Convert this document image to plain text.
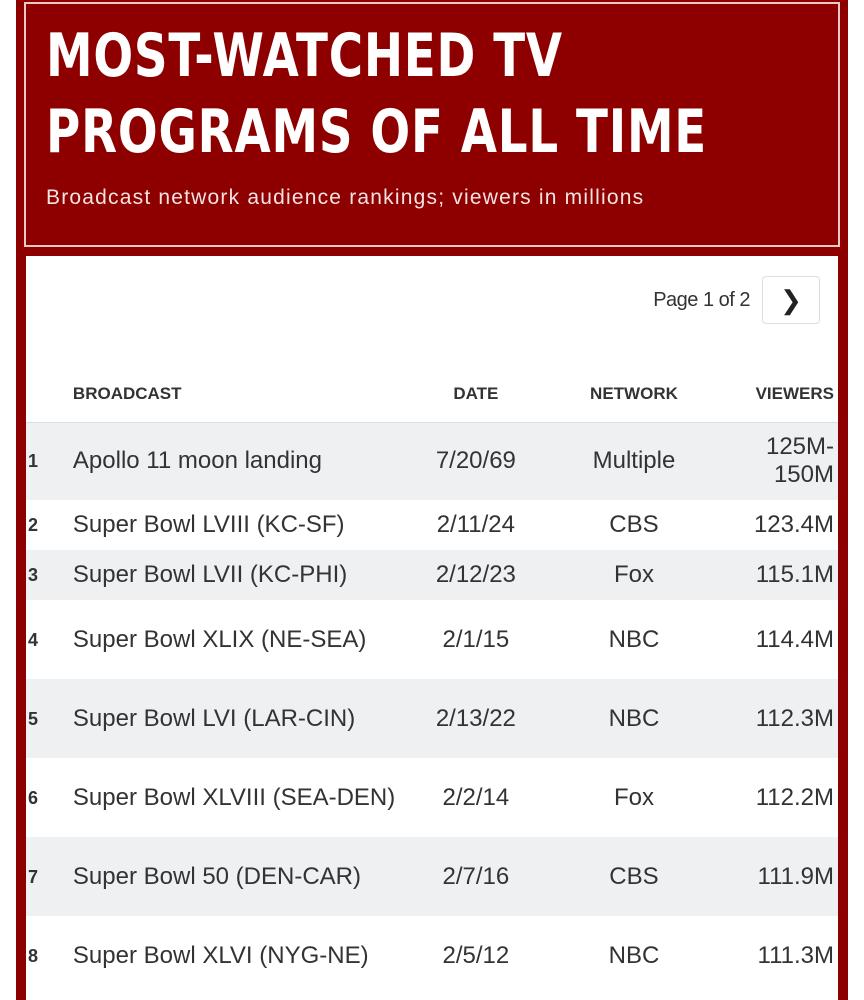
MOST-WATCHED TV PROGRAMS OF ALL TIME
Broadcast network audience rankings; viewers in millions
Page 1 of 2 ❯
	BROADCAST	DATE	NETWORK	VIEWERS
1	Apollo 11 moon landing	7/20/69	Multiple	125M-150M
2	Super Bowl LVIII (KC-SF)	2/11/24	CBS	123.4M
3	Super Bowl LVII (KC-PHI)	2/12/23	Fox	115.1M
4	Super Bowl XLIX (NE-SEA)	2/1/15	NBC	114.4M
5	Super Bowl LVI (LAR-CIN)	2/13/22	NBC	112.3M
6	Super Bowl XLVIII (SEA-DEN)	2/2/14	Fox	112.2M
7	Super Bowl 50 (DEN-CAR)	2/7/16	CBS	111.9M
8	Super Bowl XLVI (NYG-NE)	2/5/12	NBC	111.3M
